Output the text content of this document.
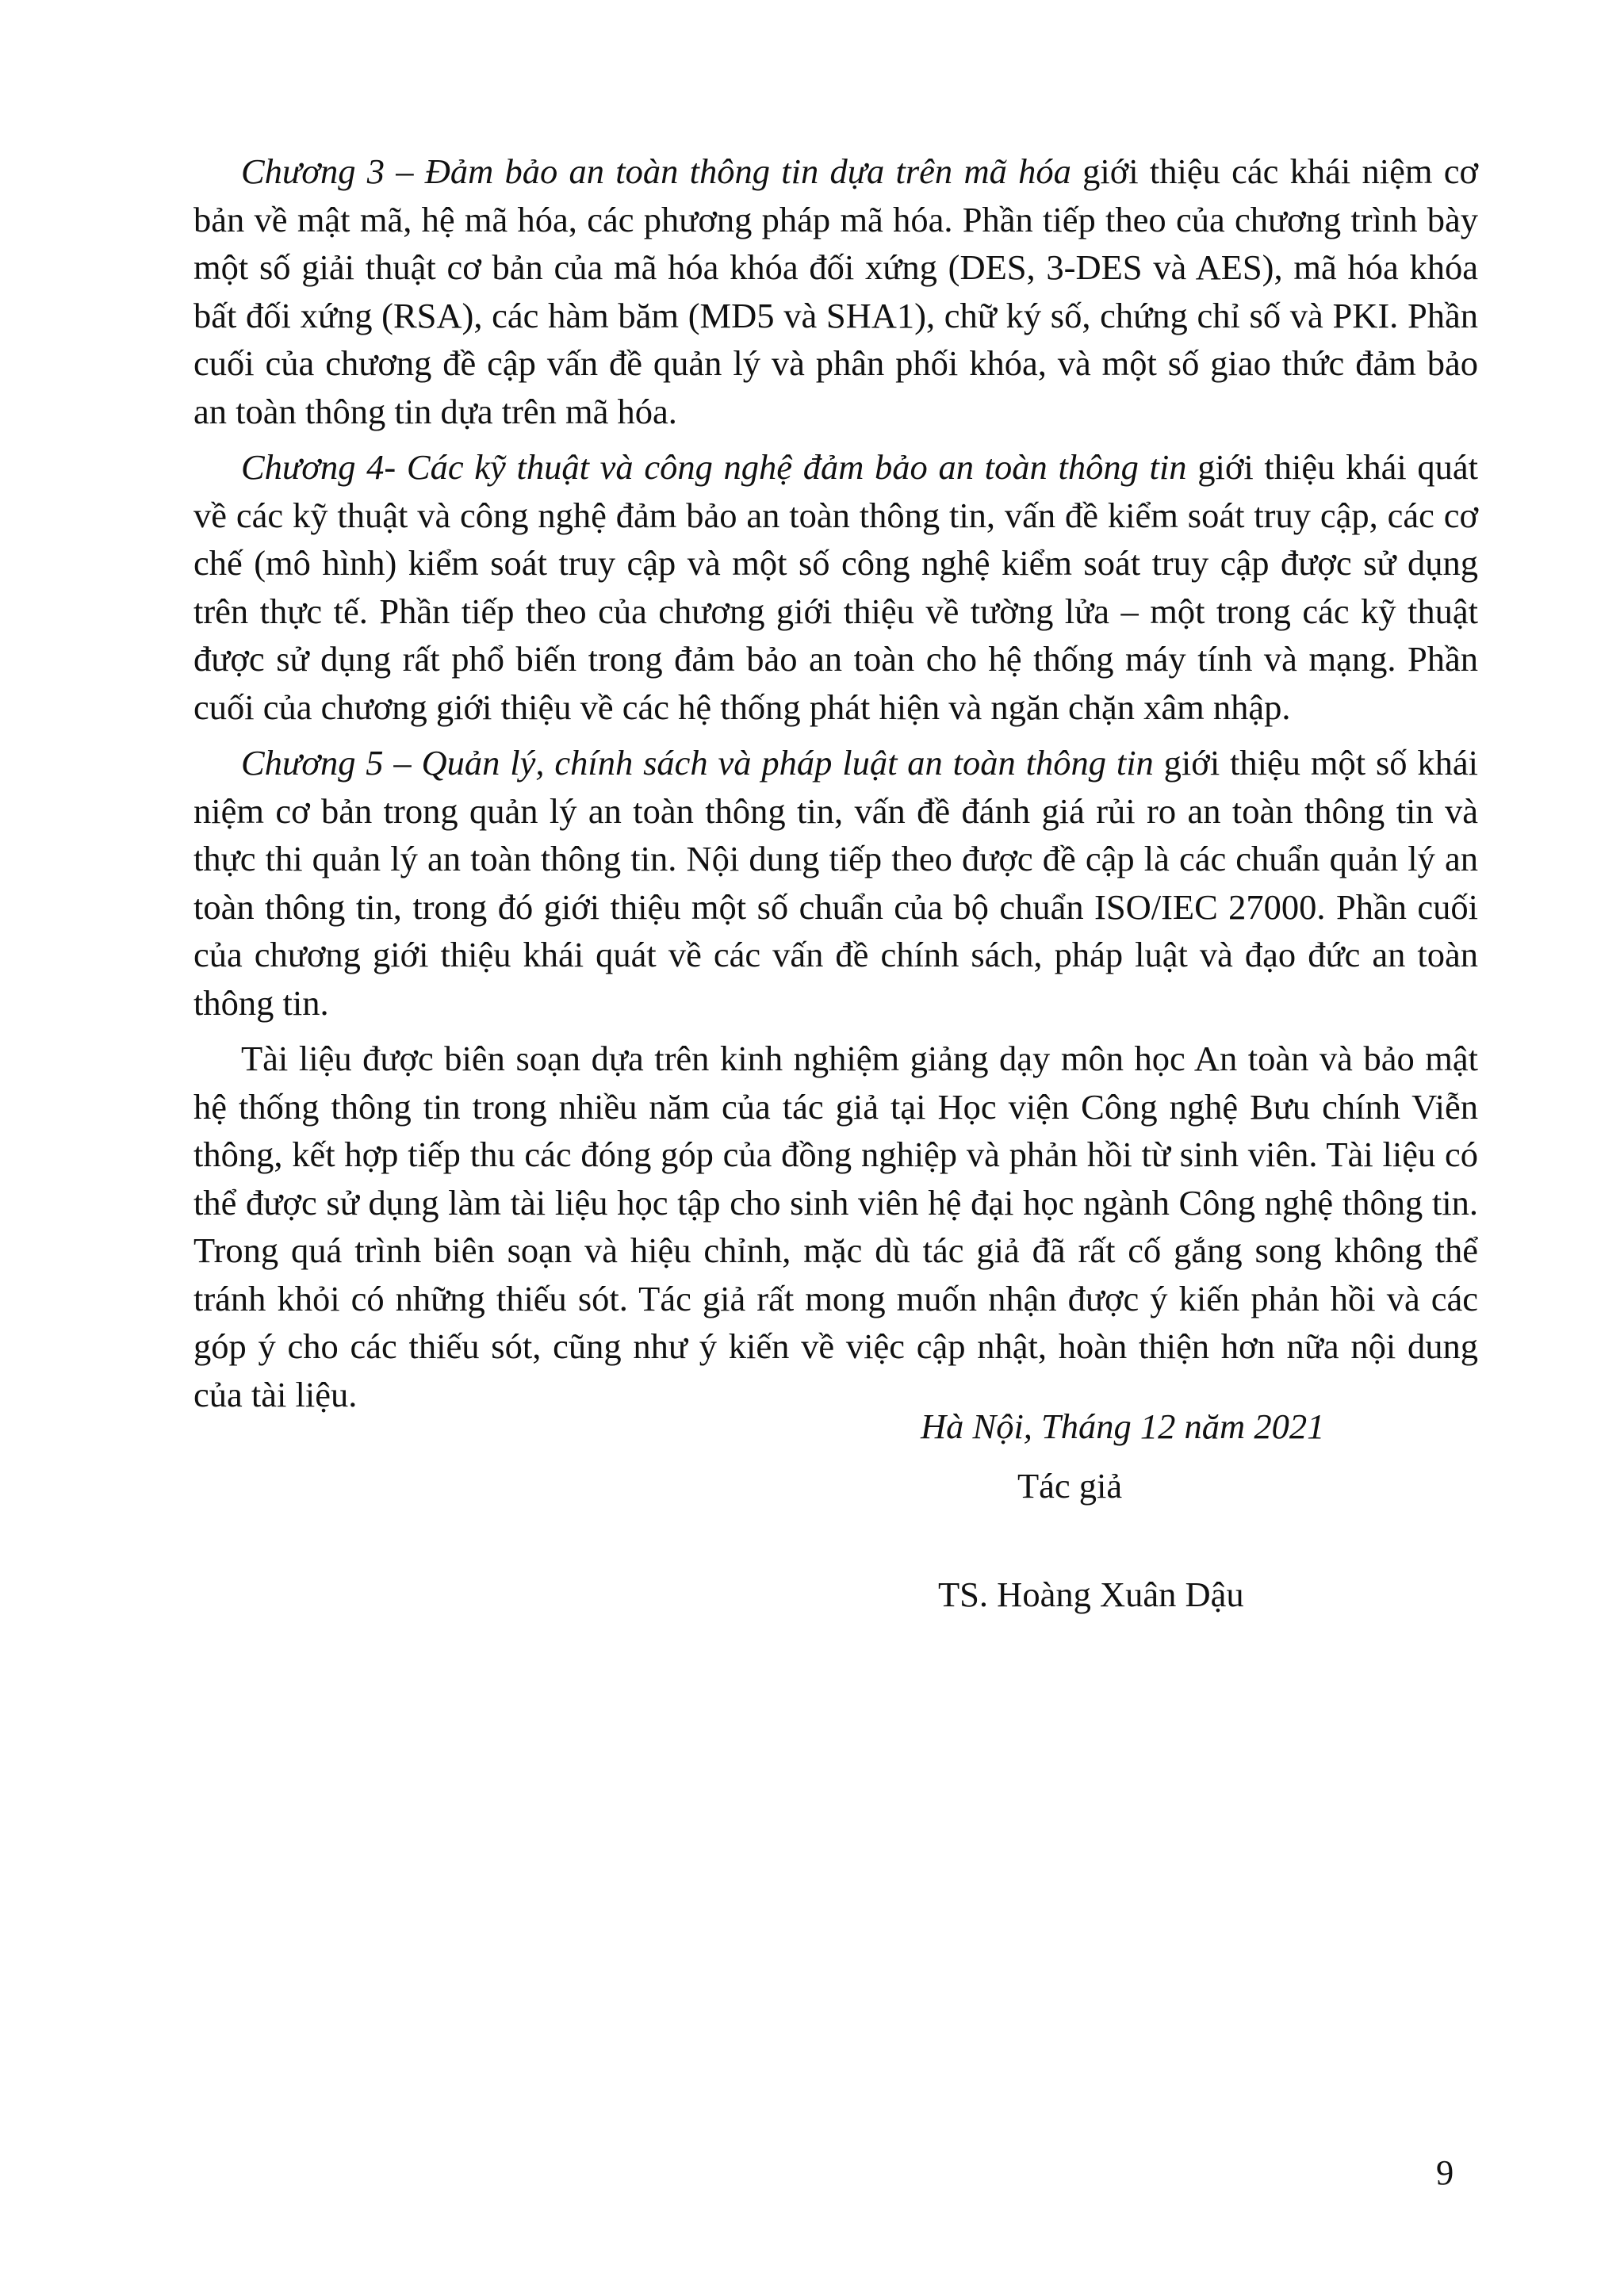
Chương 3 – Đảm bảo an toàn thông tin dựa trên mã hóa giới thiệu các khái niệm cơ bản về mật mã, hệ mã hóa, các phương pháp mã hóa. Phần tiếp theo của chương trình bày một số giải thuật cơ bản của mã hóa khóa đối xứng (DES, 3-DES và AES), mã hóa khóa bất đối xứng (RSA), các hàm băm (MD5 và SHA1), chữ ký số, chứng chỉ số và PKI. Phần cuối của chương đề cập vấn đề quản lý và phân phối khóa, và một số giao thức đảm bảo an toàn thông tin dựa trên mã hóa.

Chương 4- Các kỹ thuật và công nghệ đảm bảo an toàn thông tin giới thiệu khái quát về các kỹ thuật và công nghệ đảm bảo an toàn thông tin, vấn đề kiểm soát truy cập, các cơ chế (mô hình) kiểm soát truy cập và một số công nghệ kiểm soát truy cập được sử dụng trên thực tế. Phần tiếp theo của chương giới thiệu về tường lửa – một trong các kỹ thuật được sử dụng rất phổ biến trong đảm bảo an toàn cho hệ thống máy tính và mạng. Phần cuối của chương giới thiệu về các hệ thống phát hiện và ngăn chặn xâm nhập.

Chương 5 – Quản lý, chính sách và pháp luật an toàn thông tin giới thiệu một số khái niệm cơ bản trong quản lý an toàn thông tin, vấn đề đánh giá rủi ro an toàn thông tin và thực thi quản lý an toàn thông tin. Nội dung tiếp theo được đề cập là các chuẩn quản lý an toàn thông tin, trong đó giới thiệu một số chuẩn của bộ chuẩn ISO/IEC 27000. Phần cuối của chương giới thiệu khái quát về các vấn đề chính sách, pháp luật và đạo đức an toàn thông tin.

Tài liệu được biên soạn dựa trên kinh nghiệm giảng dạy môn học An toàn và bảo mật hệ thống thông tin trong nhiều năm của tác giả tại Học viện Công nghệ Bưu chính Viễn thông, kết hợp tiếp thu các đóng góp của đồng nghiệp và phản hồi từ sinh viên. Tài liệu có thể được sử dụng làm tài liệu học tập cho sinh viên hệ đại học ngành Công nghệ thông tin. Trong quá trình biên soạn và hiệu chỉnh, mặc dù tác giả đã rất cố gắng song không thể tránh khỏi có những thiếu sót. Tác giả rất mong muốn nhận được ý kiến phản hồi và các góp ý cho các thiếu sót, cũng như ý kiến về việc cập nhật, hoàn thiện hơn nữa nội dung của tài liệu.

Hà Nội, Tháng 12 năm 2021
Tác giả
TS. Hoàng Xuân Dậu
9
